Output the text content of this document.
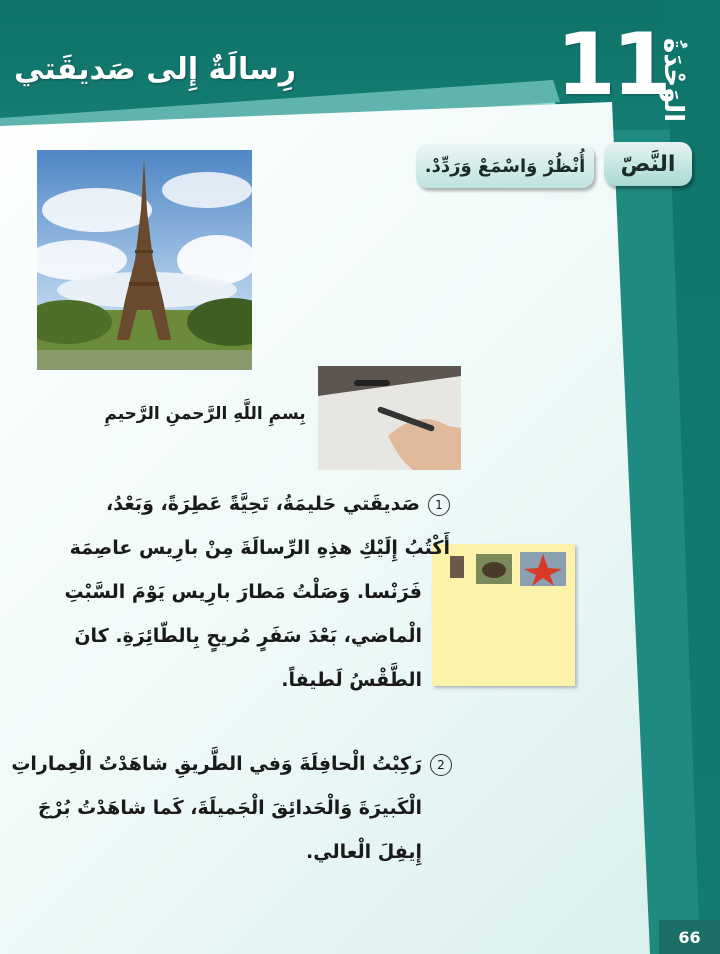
11
الوَحْدَةُ
رِسالَةٌ إِلى صَديقَتي
النَّصّ
أُنْظُرْ وَاسْمَعْ وَرَدِّدْ.
بِسمِ اللَّهِ الرَّحمنِ الرَّحيمِ
1صَديقَتي حَليمَةُ، تَحِيَّةً عَطِرَةً، وَبَعْدُ،
أَكْتُبُ إِلَيْكِ هذِهِ الرِّسالَةَ مِنْ بارِيس عاصِمَة
فَرَنْسا. وَصَلْتُ مَطارَ بارِيس يَوْمَ السَّبْتِ
الْماضي، بَعْدَ سَفَرٍ مُريحٍ بِالطّائِرَةِ. كانَ
الطَّقْسُ لَطيفاً.
2رَكِبْتُ الْحافِلَةَ وَفي الطَّريقِ شاهَدْتُ الْعِماراتِ
الْكَبيرَةَ وَالْحَدائِقَ الْجَميلَةَ، كَما شاهَدْتُ بُرْجَ
إِيفِلَ الْعالي.
66
